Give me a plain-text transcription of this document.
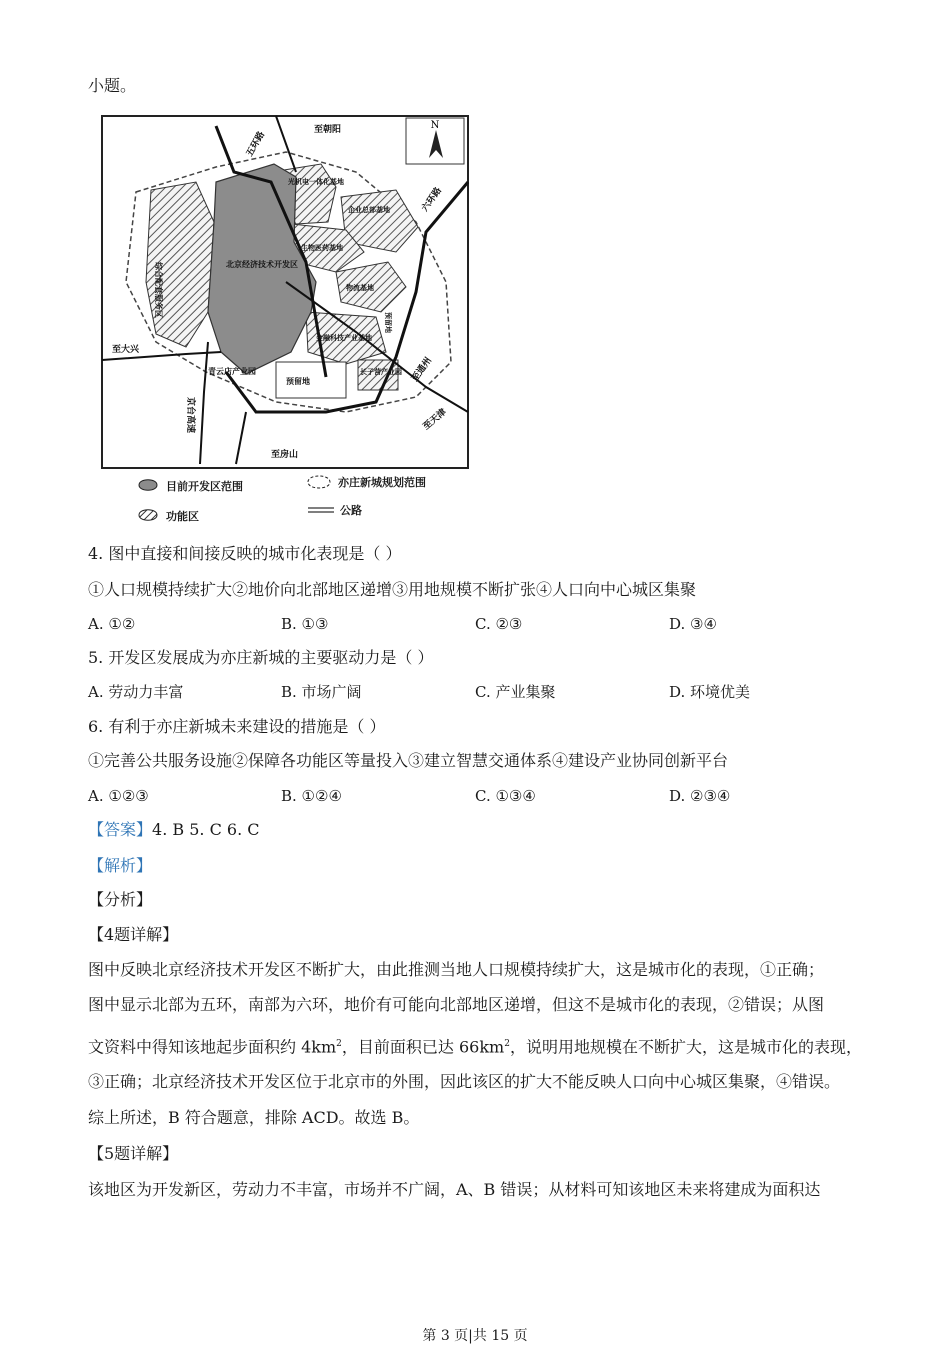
小题。
N
至朝阳
五环路
六环路
光机电一体化基地
企业总部基地
北京经济技术开发区
综合配套服务区
生物医药基地
物流基地
预留地
金融科技产业基地
青云店产业园
预留地
长子营产业园
至大兴
京台高速
至房山
至通州
至天津
目前开发区范围	亦庄新城规划范围
功能区	公路
4. 图中直接和间接反映的城市化表现是（ ）
①人口规模持续扩大②地价向北部地区递增③用地规模不断扩张④人口向中心城区集聚
A. ①②	B. ①③	C. ②③	D. ③④
5. 开发区发展成为亦庄新城的主要驱动力是（ ）
A. 劳动力丰富	B. 市场广阔	C. 产业集聚	D. 环境优美
6. 有利于亦庄新城未来建设的措施是（ ）
①完善公共服务设施②保障各功能区等量投入③建立智慧交通体系④建设产业协同创新平台
A. ①②③	B. ①②④	C. ①③④	D. ②③④
【答案】4. B 5. C 6. C
【解析】
【分析】
【4题详解】
图中反映北京经济技术开发区不断扩大，由此推测当地人口规模持续扩大，这是城市化的表现，①正确；
图中显示北部为五环，南部为六环，地价有可能向北部地区递增，但这不是城市化的表现，②错误；从图
文资料中得知该地起步面积约 $4km^2$，目前面积已达 $66km^2$，说明用地规模在不断扩大，这是城市化的表现，
③正确；北京经济技术开发区位于北京市的外围，因此该区的扩大不能反映人口向中心城区集聚，④错误。
综上所述，B 符合题意，排除 ACD。故选 B。
【5题详解】
该地区为开发新区，劳动力不丰富，市场并不广阔，A、B 错误；从材料可知该地区未来将建成为面积达
第 3 页|共 15 页
